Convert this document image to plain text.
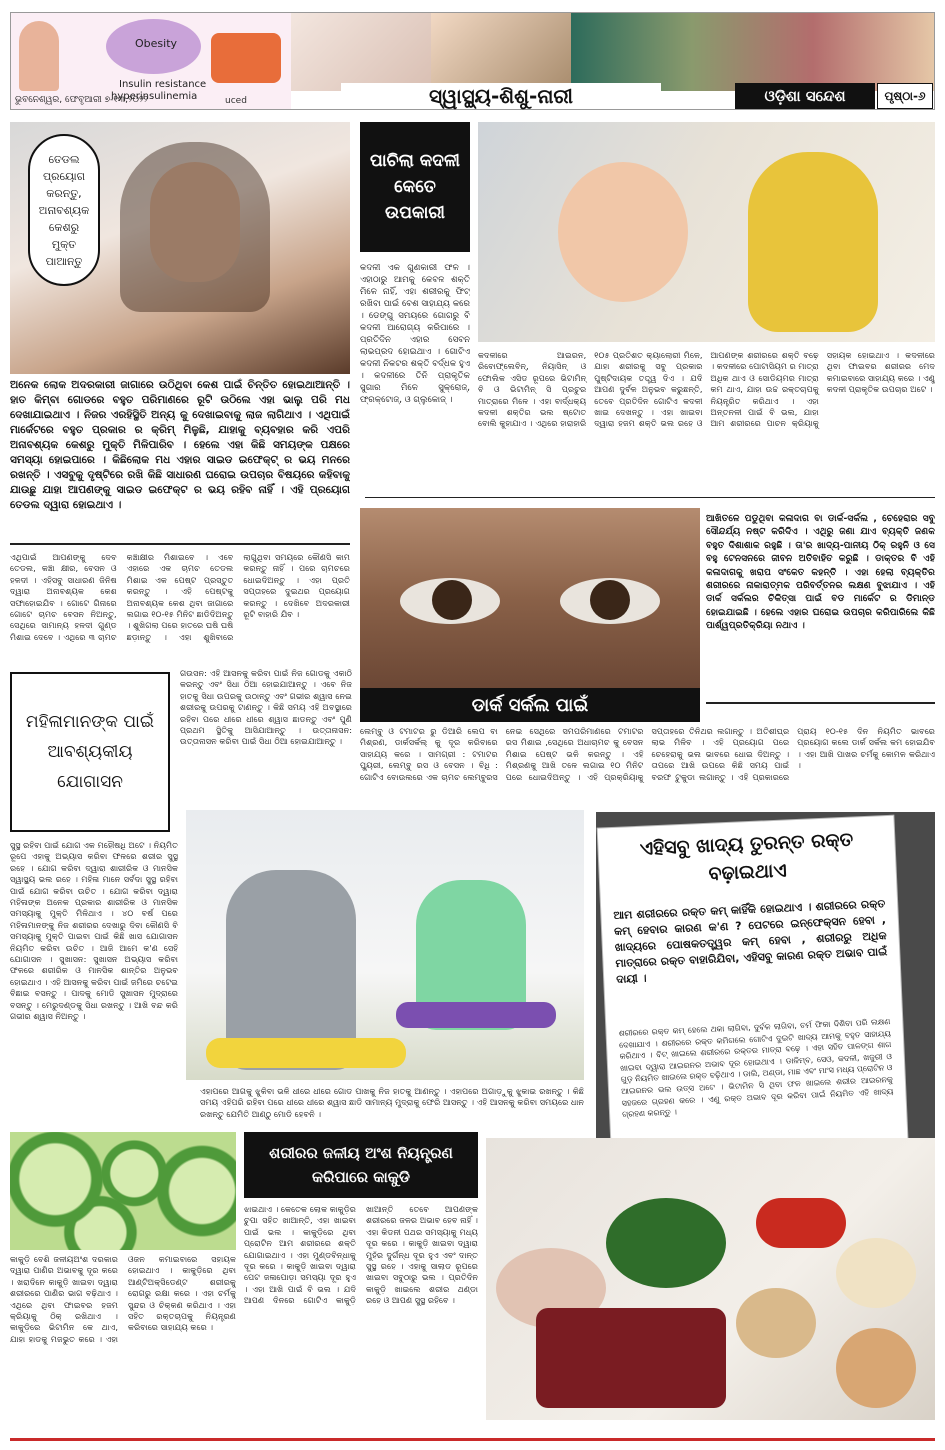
Obesity
Insulin resistance
hyperinsulinemia
ଭୁବନେଶ୍ୱର, ଫେବୃଆରୀ ୭-୧୩,୨୦୨୨	uced	ସ୍ୱାସ୍ଥ୍ୟ-ଶିଶୁ-ନାରୀ	ଓଡ଼ିଶା ସନ୍ଦେଶ	ପୃଷ୍ଠା-୬
ତେଡଲ ପ୍ରୟୋଗ କରନ୍ତୁ, ଅନାବଶ୍ୟକ କେଶରୁ ମୁକ୍ତ ପାଆନ୍ତୁ
ଅନେକ ଲୋକ ଅଦରକାରୀ ଜାଗାରେ ଉଠିଥିବା କେଶ ପାଇଁ ଚିନ୍ତିତ ହୋଇଥାଆନ୍ତି । ହାତ କିମ୍ବା ଗୋଡରେ ବହୁତ ପରିମାଣରେ ରୂଟି ଉଠିଲେ ଏହା ଭାଲୁ ପରି ମଧ ଦେଖାଯାଇଥାଏ । ନିଜର ଏରହିସ୍ଥିତି ଅନ୍ୟ କୁ ଦେଖାଇବାକୁ ଲାଜ ଲାଗିଥାଏ । ଏଥିପାଇଁ ମାର୍କେଟରେ ବହୁତ ପ୍ରକାର ର କ୍ରିମ୍ ମିଳୁଛି, ଯାହାକୁ ବ୍ୟବହାର କରି ଏପରି ଅନାବଶ୍ୟକ କେଶରୁ ମୁକ୍ତି ମିଳିପାରିବ । ହେଲେ ଏହା କିଛି ସମୟଙ୍କ ପକ୍ଷରେ ସମସ୍ୟା ହୋଇପାରେ । କିଛିଲୋକ ମଧ ଏହାର ସାଇଡ ଇଫେକ୍ଟ୍ ର ଭୟ ମନରେ ରଖନ୍ତି । ଏସବୁକୁ ଦୃଷ୍ଟିରେ ରଖି କିଛି ସାଧାରଣ ଘରୋଇ ଉପଚାର ବିଷୟରେ କହିବାକୁ ଯାଉଛୁ ଯାହା ଆପଣଙ୍କୁ ସାଇଡ ଇଫେକ୍ଟ ର ଭୟ ରହିବ ନାହିଁ । ଏହି ପ୍ରୟୋଗ ତେଡଲ ଦ୍ୱାରା ହୋଇଥାଏ ।
ଏଥିପାଇଁ ଆପଣଙ୍କୁ ଦେବ ତେଡଲ, କଞ୍ଚା କ୍ଷୀର, ବେସନ ଓ ହଳଦୀ । ଏହିସବୁ ସାଧାରଣ ଜିନିଷ ଦ୍ୱାରା ଅନାବଶ୍ୟକ କେଶ ସଫାହୋଇଯିବ । ଗୋଟେ ଗିନାରେ ଗୋଟେ ଚାମଚ ବେସନ ନିଅନ୍ତୁ, ସେଥିରେ ସାମାନ୍ୟ ହଳଦୀ ଗୁଣ୍ଡ ମିଶାଇ ଦେବେ । ଏଥିରେ ୩ ଚାମଚ କଞ୍ଚାକ୍ଷୀର ମିଶାଇବେ । ଏବେ ଏହାରେ ଏକ ଚାମଚ ତେଡଲ ମିଶାଇ ଏକ ପେଷ୍ଟ ପ୍ରସ୍ତୁତ କରନ୍ତୁ । ଏହି ପେଷ୍ଟକୁ ଅନାବଶ୍ୟକ କେଶ ଥିବା ଜାଗାରେ ଲଗାଇ ୧୦-୧୫ ମିନିଟ ଛାଡିଦିଅନ୍ତୁ । ଶୁଖିଗଲା ପରେ ହାତରେ ଘଷି ଘଷି ଛଡ଼ାନ୍ତୁ । ଏହା ଶୁଖିବାରେ ଲାଗୁଥିବା ସମୟରେ କୌଣସି କାମ କରନ୍ତୁ ନାହିଁ । ପରେ ଚାମଚରେ ଧୋଇଦିଅନ୍ତୁ । ଏହା ପ୍ରତି ସପ୍ତାହରେ ଦୁଇଥର ପ୍ରୟୋଗ କରନ୍ତୁ । ଦେଖିବେ ଅଦରକାରୀ ରୂଟି ବାହାରି ଯିବ ।
ପାଚିଲା କଦଳୀ କେତେ ଉପକାରୀ
କଦଳୀ ଏକ ଗୁଣକାରୀ ଫଳ । ଏହାଠାରୁ ଆମକୁ କେବଳ ଶକ୍ତି ମିଳେ ନାହିଁ, ଏହା ଶରୀରକୁ ଫିଟ୍ ରଖିବା ପାଇଁ ବେଶ ସାହାଯ୍ୟ କରେ । ଡେଙ୍ଗୁ ସମୟରେ ଗୋଗରୁ ବି କଦଳୀ ଆରୋଗ୍ୟ କରିପାରେ । ପ୍ରତିଦିନ ଏହାର ସେବନ ଲାଭପ୍ରଦ ହୋଇଥାଏ । ଗୋଟିଏ କଦଳୀ ନିକଟର ଶକ୍ତି ବର୍ଦ୍ଧକ ହୁଏ । କଦଳୀରେ ତିନି ପ୍ରାକୃତିକ ସୁଗାର ମିଳେ ସୁକ୍ରୋଜ୍, ଫ୍ରକ୍ଟୋଜ୍, ଓ ଗ୍ଲୁକୋଜ୍ ।
କଦଳୀରେ ଆଇରନ, ରିବୋଫ୍ଲେବିନ୍, ନିୟାସିନ୍ ଓ ଫୋଲିକ ଏସିଡ ରୂପରେ ଭିଟାମିନ୍ ବି ଓ ଭିଟାମିନ୍ ସି ପ୍ରଚୁର ମାତ୍ରାରେ ମିଳେ । ଏହା ବାର୍ଦ୍ଧକ୍ୟ କଦଳୀ ଶକ୍ତିର ଭଲ ଷ୍ଟୋତ ବୋଲି କୁହାଯାଏ । ଏଥିରେ ହାରାହାରି ୧୦୫ ପ୍ରତିଶତ କ୍ୟାଲୋରୀ ମିଳେ, ଯାହା ଶରୀରକୁ ସବୁ ପ୍ରକାର ପୁଷ୍ଟିଦାୟକ ତତ୍ତ୍ୱ ଦିଏ । ଯଦି ଆପଣ ଦୁର୍ବଳ ଅନୁଭବ କରୁଛନ୍ତି, ତେବେ ପ୍ରତିଦିନ ଗୋଟିଏ କଦଳୀ ଖାଇ ଦେଖନ୍ତୁ । ଏହା ଖାଇବା ଦ୍ୱାରା ହଜମ ଶକ୍ତି ଭଲ ରହେ ଓ ଆପଣଙ୍କ ଶରୀରରେ ଶକ୍ତି ବଢ଼େ । କଦଳୀରେ ପୋଟାସିୟମ ର ମାତ୍ରା ଅଧିକ ଥାଏ ଓ ସୋଡିୟମର ମାତ୍ରା କମ ଥାଏ, ଯାହା ଉଚ୍ଚ ରକ୍ତଚାପକୁ ନିୟନ୍ତ୍ରିତ କରିଥାଏ । ଏହା ଅନ୍ତନଳୀ ପାଇଁ ବି ଭଲ, ଯାହା ଆମ ଶରୀରରେ ପାଚନ କ୍ରିୟାକୁ ସହାୟକ ହୋଇଥାଏ । କଦଳୀରେ ଥିବା ଫାଇବର ଶରୀରର ମେଦ କମାଇବାରେ ସାହାଯ୍ୟ କରେ । ଏଣୁ କଦଳୀ ପ୍ରାକୃତିକ ଉପଚାର ଅଟେ ।
ଡାର୍କ ସର୍କଲ ପାଇଁ
ଆଖିତଳେ ପଡୁଥିବା କଳାଦାଗ ବା ଡାର୍କ-ସର୍କଲ , ଚେହେରାର ସବୁ ସୌନ୍ଦର୍ଯ୍ୟ ନଷ୍ଟ କରିଦିଏ । ଏଥିରୁ ଜଣା ଯାଏ ବ୍ୟକ୍ତି ଜଣକ ବହୁତ ଦିଶାଶାକ ରହୁଛି । ତା'ର ଖାଦ୍ୟ-ପାନୀୟ ଠିକ୍ ରହୁନି ଓ ସେ ବହୁ ଟେନସନରେ ଜୀବନ ଅତିବାହିତ କରୁଛି । ଡାକ୍ତର ବି ଏହି କଳାଦାଗକୁ ଖରାପ ସଂକେତ କହନ୍ତି । ଏହା ହେଲା ବ୍ୟକ୍ତିର ଶରୀରରେ ନାକାରାତ୍ମକ ପରିବର୍ତ୍ତନର ଲକ୍ଷଣ ବୁଝାଯାଏ । ଏହି ଡାର୍କ ସର୍କଲର ଚିକିତ୍ସା ପାଇଁ ବଡ ମାର୍କେଟ ର ଡିମାନ୍ଡ ହୋଇଯାଇଛି । ହେଲେ ଏହାର ଘରୋଇ ଉପଚାର କରିପାରିଲେ କିଛି ପାର୍ଶ୍ୱପ୍ରତିକ୍ରିୟା ନଥାଏ ।
ଲେମ୍ବୁ ଓ ଟମାଟର ରୁ ଡିଆରି ଲେପ ବା ମିଶ୍ରଣ, ଡାର୍କସର୍କଲ୍ କୁ ଦୂର କରିବାରେ ସାହାଯ୍ୟ କରେ । ସାମଗ୍ରୀ : ଟମାଟର ପ୍ୟୁରୀ, ଲେମ୍ବୁ ରସ ଓ ବେସନ । ବିଧି : ଗୋଟିଏ ବୋଉଲରେ ଏକ ଚାମଚ ଲେମ୍ବୁରସ ନେଇ ସେଥିରେ ସମପରିମାଣରେ ଟମାଟର ରସ ମିଶାଇ ,ସେଥିରେ ଅଧାଚାମଚ କୁ ବେସନ ମିଶାଇ ପେଷ୍ଟ ଭଳି କରନ୍ତୁ । ଏହି ମିଶ୍ରଣକୁ ଆଖି ତଳେ ଲଗାଇ ୧୦ ମିନିଟ ପରେ ଧୋଇଦିଅନ୍ତୁ । ଏହି ପ୍ରକ୍ରିୟାକୁ ସପ୍ତାହରେ ତିନିଥର ଲଗାନ୍ତୁ । ଅତିଶୀଘ୍ର ଲାଭ ମିଳିବ । ଏହି ପ୍ରୟୋଗ ପରେ ଚେହେରାକୁ ଭଲ ଭାବରେ ଧୋଇ ଦିଅନ୍ତୁ । ତାପରେ ଆଖି ଉପରେ କିଛି ସମୟ ପାଇଁ ବରଫ ଟୁକୁଡା ଲଗାନ୍ତୁ । ଏହି ପ୍ରକାରରେ ପ୍ରାୟ ୧୦-୧୫ ଦିନ ନିୟମିତ ଭାବରେ ପ୍ରୟୋଗ କଲେ ଡାର୍କ ସର୍କଲ କମ ହୋଇଯିବ । ଏହା ଆଖି ପାଖର ଚର୍ମକୁ କୋମଳ କରିଥାଏ ।
ମହିଳାମାନଙ୍କ ପାଇଁ ଆବଶ୍ୟକୀୟ ଯୋଗାସନ
ଗଉସନ: ଏହି ଆସନକୁ କରିବା ପାଇଁ ନିଜ ଗୋଡକୁ ଏକାଠି କରନ୍ତୁ ଏବଂ ସିଧା ଠିଆ ହୋଇଯାଆନ୍ତୁ । ଏବେ ନିଜ ହାତକୁ ସିଧା ଉପରକୁ ଉଠାନ୍ତୁ ଏବଂ ଗଭୀର ଶ୍ୱାସ ନେଇ ଶରୀରକୁ ଉପରକୁ ଟାଣନ୍ତୁ । କିଛି ସମୟ ଏହି ଅବସ୍ଥାରେ ରହିବା ପରେ ଧୀରେ ଧୀରେ ଶ୍ୱାସ ଛାଡନ୍ତୁ ଏବଂ ପୁଣି ପ୍ରଥମ ସ୍ଥିତିକୁ ଆସିଯାଆନ୍ତୁ । ଉତ୍ତାନାସନ: ଉତ୍ତାନାସନ କରିବା ପାଇଁ ସିଧା ଠିଆ ହୋଇଯାଆନ୍ତୁ ।
ସୁସ୍ଥ ରହିବା ପାଇଁ ଯୋଗ ଏକ ମହୌଷଧି ଅଟେ । ନିୟମିତ ରୂପେ ଏହାକୁ ଅଭ୍ୟାସ କରିବା ଫଳରେ ଶରୀର ସୁସ୍ଥ ରହେ । ଯୋଗ କରିବା ଦ୍ୱାରା ଶାରୀରିକ ଓ ମାନସିକ ସ୍ୱାସ୍ଥ୍ୟ ଭଲ ରହେ । ମହିଳା ମାନେ ସର୍ବଦା ସୁସ୍ଥ ରହିବା ପାଇଁ ଯୋଗ କରିବା ଉଚିତ । ଯୋଗ କରିବା ଦ୍ୱାରା ମହିଳାଙ୍କ ଅନେକ ପ୍ରକାର ଶାରୀରିକ ଓ ମାନସିକ ସମସ୍ୟାକୁ ମୁକ୍ତି ମିଳିଥାଏ । ୪୦ ବର୍ଷ ପରେ ମହିଳାମାନଙ୍କୁ ନିଜ ଶରୀରର ଦେଖାରୁ ଦିବା କୌଣସି ବି ସମସ୍ୟାକୁ ମୁକ୍ତି ପାଇବା ପାଇଁ କିଛି ଖାସ ଯୋଗାସନ ନିୟମିତ କରିବା ଉଚିତ । ଆଜି ଆମେ କ'ଣ ସେହି ଯୋଗାସନ । ସୁଖାସନ: ସୁଖାସନ ଅଭ୍ୟାସ କରିବା ଫଳରେ ଶରୀରିକ ଓ ମାନସିକ ଶାନ୍ତିର ଅନୁଭବ ହୋଇଥାଏ । ଏହି ଆସନକୁ କରିବା ପାଇଁ ଜମିରେ ଚଟେଇ ବିଛାଇ ବସନ୍ତୁ । ପାଦକୁ ମୋଡି ସୁଖାସନ ମୁଦ୍ରାରେ ବସନ୍ତୁ । ମେରୁଦଣ୍ଡକୁ ସିଧା ରଖନ୍ତୁ । ଆଖି ବନ୍ଦ କରି ଗଭୀର ଶ୍ୱାସ ନିଅନ୍ତୁ ।
ଏହାପରେ ଆଗକୁ ଝୁକିବା ଭଳି ଧୀରେ ଧୀରେ ଗୋଡ ପାଖକୁ ନିଜ ହାତକୁ ଆଣନ୍ତୁ । ଏହାପରେ ଅଗାଡ଼ୁକୁ ଝୁକାଇ ରଖନ୍ତୁ । କିଛି ସମୟ ଏହିପରି ରହିବା ପରେ ଧୀରେ ଧୀରେ ଶ୍ୱାସ ଛାଡି ସାମାନ୍ୟ ମୁଦ୍ରାକୁ ଫେରି ଆସନ୍ତୁ । ଏହି ଆସନକୁ କରିବା ସମୟରେ ଧାନ ରଖନ୍ତୁ ଯେମିତି ଆଣ୍ଠୁ ମୋଡି ହେବନି ।
ଏହିସବୁ ଖାଦ୍ୟ ତୁରନ୍ତ ରକ୍ତ ବଢ଼ାଇଥାଏ
ଆମ ଶରୀରରେ ରକ୍ତ କମ୍ କାହିଁକି ହୋଇଥାଏ । ଶରୀରରେ ରକ୍ତ କମ୍ ହେବାର କାରଣ କ'ଣ ? ପେଟରେ ଇନ୍‌ଫେକ୍ସନ ହେବା , ଖାଦ୍ୟରେ ପୋଷକତତ୍ତ୍ୱର କମ୍ ହେବା , ଶରୀରରୁ ଅଧିକ ମାତ୍ରାରେ ରକ୍ତ ବାହାରିଯିବା, ଏହିସବୁ କାରଣ ରକ୍ତ ଅଭାବ ପାଇଁ ଦାୟୀ ।
ଶରୀରରେ ରକ୍ତ କମ୍ ହେଲେ ଥକା ଲାଗିବା, ଦୁର୍ବଳ ଲାଗିବା, ଚର୍ମ ଫିକା ଦିଶିବା ପରି ଲକ୍ଷଣ ଦେଖାଯାଏ । ଶରୀରରେ ରକ୍ତ କମିଗଲେ ଗୋଟିଏ ଦୁଇଟି ଖାଦ୍ୟ ଆମକୁ ବହୁତ ସାହାଯ୍ୟ କରିଥାଏ । ବିଟ୍ ଖାଇଲେ ଶରୀରରେ ରକ୍ତର ମାତ୍ରା ବଢ଼େ । ଏହା ସହିତ ପାଳଙ୍ଗ ଶାଗ ଖାଇବା ଦ୍ୱାରା ଆଇରନର ଅଭାବ ଦୂର ହୋଇଥାଏ । ଡାଳିମ୍ବ, ସେଓ, କଦଳୀ, ଖଜୁରୀ ଓ ଗୁଡ଼ ନିୟମିତ ଖାଇଲେ ରକ୍ତ ବଢ଼ିଥାଏ । ଡାଲି, ଅଣ୍ଡା, ମାଛ ଏବଂ ମାଂସ ମଧ୍ୟ ପ୍ରୋଟିନ ଓ ଆଇରନର ଭଲ ଉତ୍ସ ଅଟେ । ଭିଟାମିନ ସି ଥିବା ଫଳ ଖାଇଲେ ଶରୀର ଆଇରନକୁ ସହଜରେ ଗ୍ରହଣ କରେ । ଏଣୁ ରକ୍ତ ଅଭାବ ଦୂର କରିବା ପାଇଁ ନିୟମିତ ଏହି ଖାଦ୍ୟ ଗ୍ରହଣ କରନ୍ତୁ ।
ଶରୀରର ଜଳୀୟ ଅଂଶ ନିୟନ୍ତ୍ରଣ କରିପାରେ କାକୁଡି
କାକୁଡ଼ି ବେଶି ଜଳୀୟଅଂଶ ଦରକାର ଦ୍ୱାରା ପାଣିର ଅଭାବକୁ ଦୂର କରେ । ଖରାଦିନେ କାକୁଡ଼ି ଖାଇବା ଦ୍ୱାରା ଶରୀରରେ ପାଣିର ଭାଗ ବଢ଼ିଥାଏ । ଏଥିରେ ଥିବା ଫାଇବର ହଜମ କ୍ରିୟାକୁ ଠିକ୍ ରଖିଥାଏ । କାକୁଡ଼ିରେ ଭିଟାମିନ କେ ଥାଏ, ଯାହା ହାଡକୁ ମଜଭୁତ କରେ । ଏହା ଓଜନ କମାଇବାରେ ସହାୟକ ହୋଇଥାଏ । କାକୁଡ଼ିରେ ଥିବା ଆଣ୍ଟିଅକ୍ସିଡେଣ୍ଟ ଶରୀରକୁ ରୋଗରୁ ରକ୍ଷା କରେ । ଏହା ଚର୍ମକୁ ସୁନ୍ଦର ଓ ଚିକ୍କଣ କରିଥାଏ । ଏହା ସହିତ ରକ୍ତଚାପକୁ ନିୟନ୍ତ୍ରଣ କରିବାରେ ସାହାଯ୍ୟ କରେ ।
ଝାଇଥାଏ । କେତେକ ଲୋକ କାକୁଡ଼ିର ଚୁପା ସହିତ ଖାଆନ୍ତି, ଏହା ଖାଇବା ପାଇଁ ଭଲ । କାକୁଡ଼ିରେ ଥିବା ପ୍ରୋଟିନ ଆମ ଶରୀରରେ ଶକ୍ତି ଯୋଗାଇଥାଏ । ଏହା ମୁଣ୍ଡବିନ୍ଧାକୁ ଦୂର କରେ । କାକୁଡ଼ି ଖାଇବା ଦ୍ୱାରା ପେଟ ଜଳାପୋଡ଼ା ସମସ୍ୟା ଦୂର ହୁଏ । ଏହା ଆଖି ପାଇଁ ବି ଭଲ । ଯଦି ଆପଣ ଦିନରେ ଗୋଟିଏ କାକୁଡ଼ି ଖାଆନ୍ତି ତେବେ ଆପଣଙ୍କ ଶରୀରରେ ଜଳର ଅଭାବ ହେବ ନାହିଁ । ଏହା କିଡନୀ ପଥର ସମସ୍ୟାକୁ ମଧ୍ୟ ଦୂର କରେ । କାକୁଡ଼ି ଖାଇବା ଦ୍ୱାରା ମୁହଁର ଦୁର୍ଗନ୍ଧ ଦୂର ହୁଏ ଏବଂ ଦାନ୍ତ ସୁସ୍ଥ ରହେ । ଏହାକୁ ସାଲାଡ ରୂପରେ ଖାଇବା ସବୁଠାରୁ ଭଲ । ପ୍ରତିଦିନ କାକୁଡ଼ି ଖାଇଲେ ଶରୀର ଥଣ୍ଡା ରହେ ଓ ଆପଣ ସୁସ୍ଥ ରହିବେ ।
